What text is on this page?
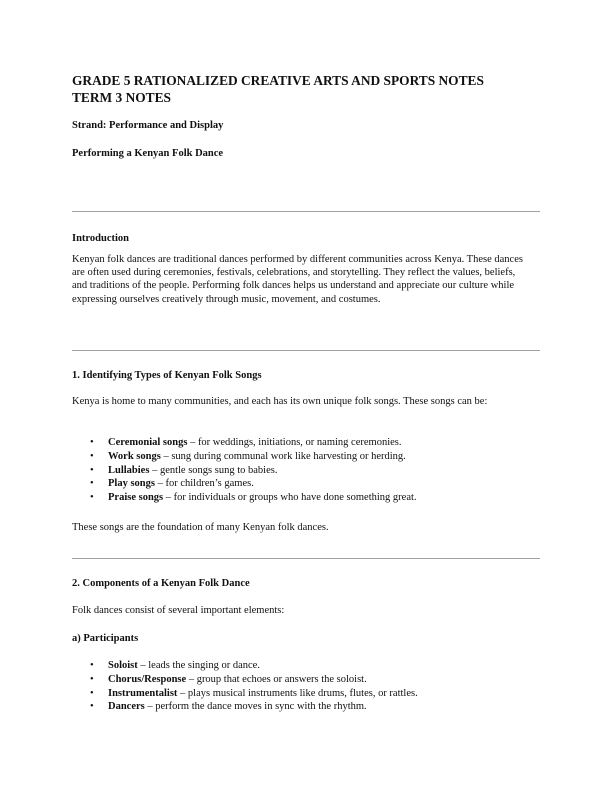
GRADE 5 RATIONALIZED CREATIVE ARTS AND SPORTS NOTES
TERM 3 NOTES
Strand: Performance and Display
Performing a Kenyan Folk Dance
Introduction
Kenyan folk dances are traditional dances performed by different communities across Kenya. These dances are often used during ceremonies, festivals, celebrations, and storytelling. They reflect the values, beliefs, and traditions of the people. Performing folk dances helps us understand and appreciate our culture while expressing ourselves creatively through music, movement, and costumes.
1. Identifying Types of Kenyan Folk Songs
Kenya is home to many communities, and each has its own unique folk songs. These songs can be:
• Ceremonial songs – for weddings, initiations, or naming ceremonies.
• Work songs – sung during communal work like harvesting or herding.
• Lullabies – gentle songs sung to babies.
• Play songs – for children’s games.
• Praise songs – for individuals or groups who have done something great.
These songs are the foundation of many Kenyan folk dances.
2. Components of a Kenyan Folk Dance
Folk dances consist of several important elements:
a) Participants
• Soloist – leads the singing or dance.
• Chorus/Response – group that echoes or answers the soloist.
• Instrumentalist – plays musical instruments like drums, flutes, or rattles.
• Dancers – perform the dance moves in sync with the rhythm.
